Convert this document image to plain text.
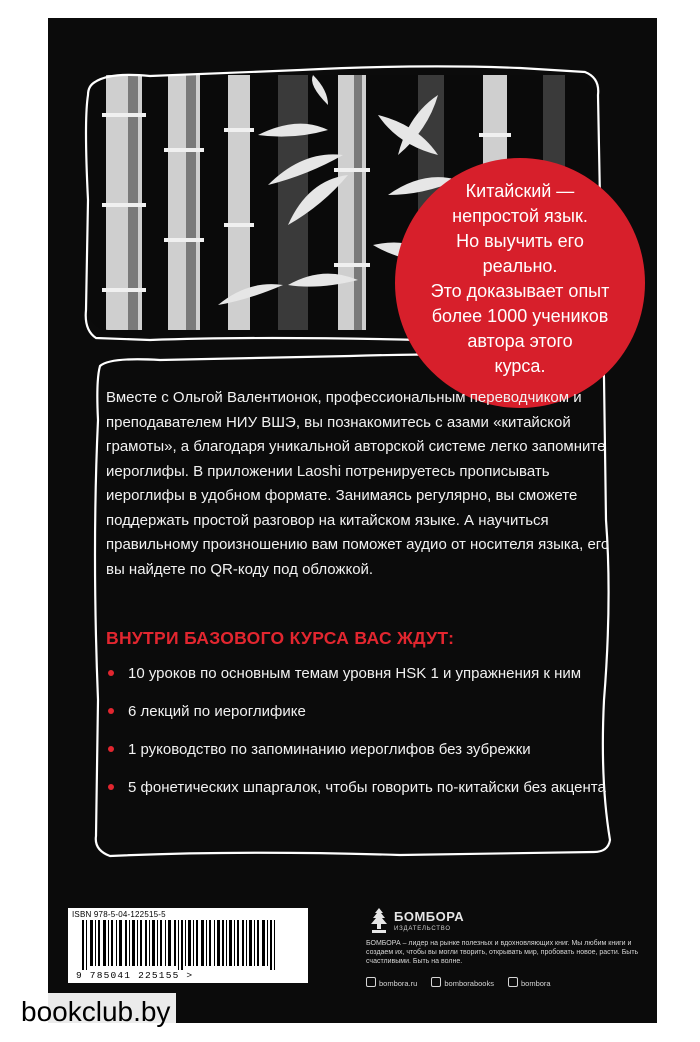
Китайский —
непростой язык.
Но выучить его реально.
Это доказывает опыт
более 1000 учеников
автора этого
курса.
Вместе с Ольгой Валентионок, профессиональным переводчиком и преподавателем НИУ ВШЭ, вы познакомитесь с азами «китайской грамоты», а благодаря уникальной авторской системе легко запомните иероглифы. В приложении Laoshi потренируетесь прописывать иероглифы в удобном формате. Занимаясь регулярно, вы сможете поддержать простой разговор на китайском языке. А научиться правильному произношению вам поможет аудио от носителя языка, его вы найдете по QR-коду под обложкой.
ВНУТРИ БАЗОВОГО КУРСА ВАС ЖДУТ:
10 уроков по основным темам уровня HSK 1 и упражнения к ним
6 лекций по иероглифике
1 руководство по запоминанию иероглифов без зубрежки
5 фонетических шпаргалок, чтобы говорить по-китайски без акцента
ISBN 978-5-04-122515-5
9 785041 225155 >
БОМБОРА
ИЗДАТЕЛЬСТВО
БОМБОРА – лидер на рынке полезных и вдохновляющих книг. Мы любим книги и создаем их, чтобы вы могли творить, открывать мир, пробовать новое, расти. Быть счастливыми. Быть на волне.
bombora.ru	bomborabooks	bombora
bookclub.by
